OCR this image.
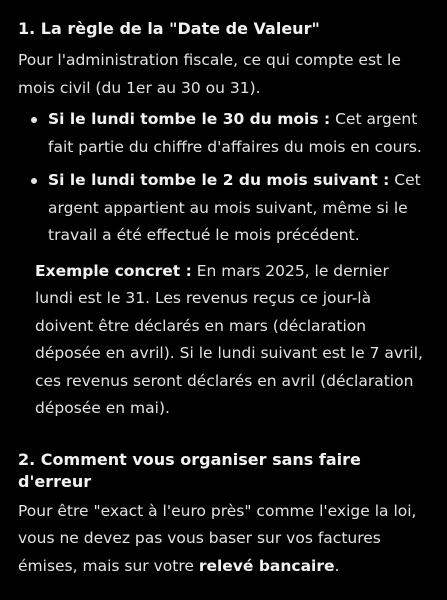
1. La règle de la "Date de Valeur"

Pour l'administration fiscale, ce qui compte est le mois civil (du 1er au 30 ou 31).

Si le lundi tombe le 30 du mois : Cet argent fait partie du chiffre d'affaires du mois en cours.
Si le lundi tombe le 2 du mois suivant : Cet argent appartient au mois suivant, même si le travail a été effectué le mois précédent.

Exemple concret : En mars 2025, le dernier lundi est le 31. Les revenus reçus ce jour-là doivent être déclarés en mars (déclaration déposée en avril). Si le lundi suivant est le 7 avril, ces revenus seront déclarés en avril (déclaration déposée en mai).

2. Comment vous organiser sans faire d'erreur

Pour être "exact à l'euro près" comme l'exige la loi, vous ne devez pas vous baser sur vos factures émises, mais sur votre relevé bancaire.
